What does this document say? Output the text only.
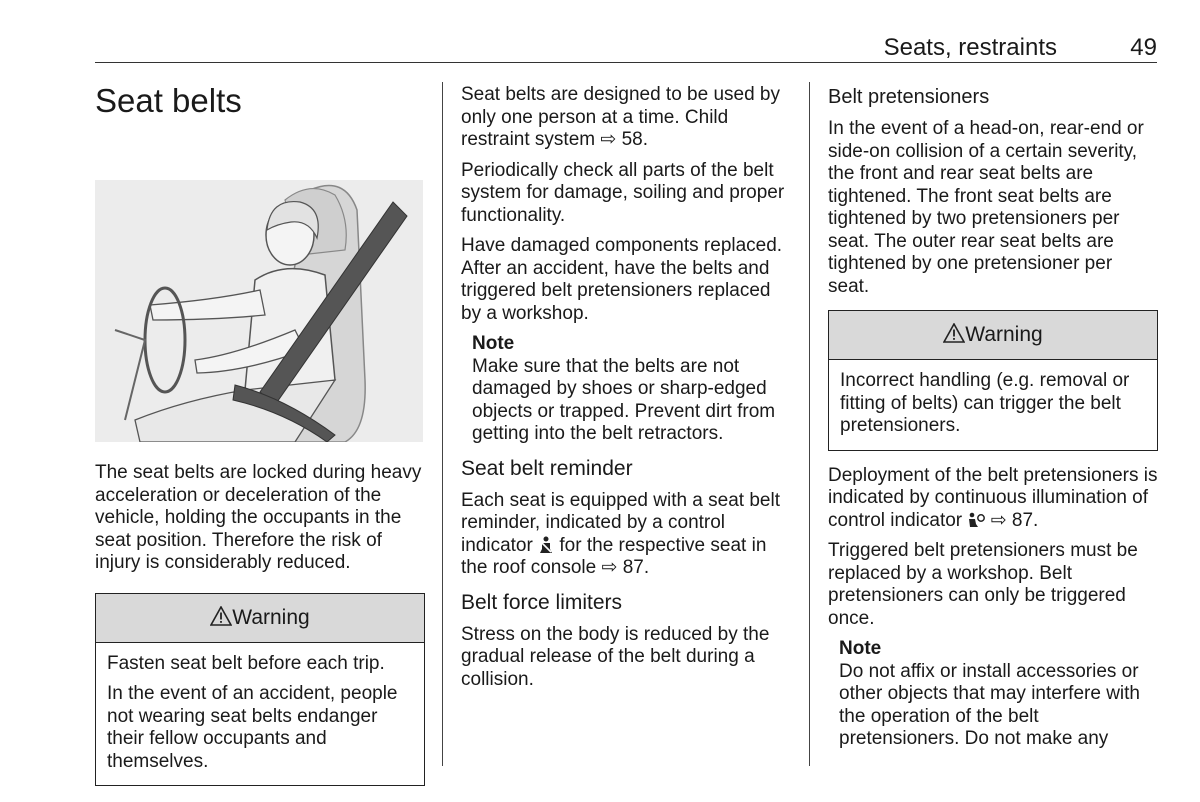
Seats, restraints	49
Seat belts

The seat belts are locked during heavy acceleration or deceleration of the vehicle, holding the occupants in the seat position. Therefore the risk of injury is considerably reduced.

Warning

Fasten seat belt before each trip.

In the event of an accident, people not wearing seat belts endanger their fellow occupants and themselves.

Seat belts are designed to be used by only one person at a time. Child restraint system ⇨ 58.

Periodically check all parts of the belt system for damage, soiling and proper functionality.

Have damaged components replaced. After an accident, have the belts and triggered belt pretensioners replaced by a workshop.

Note
Make sure that the belts are not damaged by shoes or sharp-edged objects or trapped. Prevent dirt from getting into the belt retractors.
Seat belt reminder

Each seat is equipped with a seat belt reminder, indicated by a control indicator for the respective seat in the roof console ⇨ 87.

Belt force limiters

Stress on the body is reduced by the gradual release of the belt during a collision.

Belt pretensioners

In the event of a head-on, rear-end or side-on collision of a certain severity, the front and rear seat belts are tightened. The front seat belts are tightened by two pretensioners per seat. The outer rear seat belts are tightened by one pretensioner per seat.

Warning

Incorrect handling (e.g. removal or fitting of belts) can trigger the belt pretensioners.

Deployment of the belt pretensioners is indicated by continuous illumination of control indicator ⇨ 87.

Triggered belt pretensioners must be replaced by a workshop. Belt pretensioners can only be triggered once.

Note
Do not affix or install accessories or other objects that may interfere with the operation of the belt pretensioners. Do not make any
